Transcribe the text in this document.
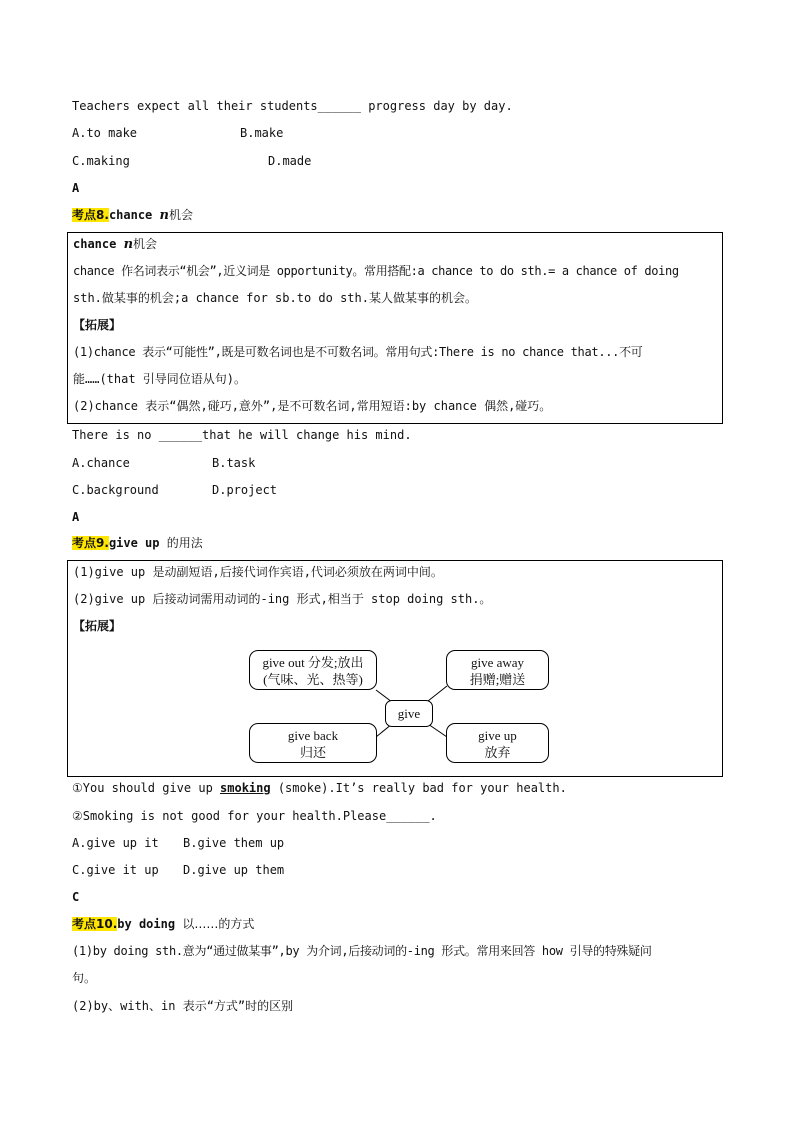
Teachers expect all their students______ progress day by day.
A.to make	B.make
C.making	D.made
A
考点8.chance n机会
chance n机会
chance 作名词表示“机会”,近义词是 opportunity。常用搭配:a chance to do sth.= a chance of doing
sth.做某事的机会;a chance for sb.to do sth.某人做某事的机会。
【拓展】
(1)chance 表示“可能性”,既是可数名词也是不可数名词。常用句式:There is no chance that...不可
能……(that 引导同位语从句)。
(2)chance 表示“偶然,碰巧,意外”,是不可数名词,常用短语:by chance 偶然,碰巧。
There is no ______that he will change his mind.
A.chance	B.task
C.background	D.project
A
考点9.give up 的用法
(1)give up 是动副短语,后接代词作宾语,代词必须放在两词中间。
(2)give up 后接动词需用动词的-ing 形式,相当于 stop doing sth.。
【拓展】
give out 分发;放出
(气味、光、热等)
give away
捐赠;赠送
give
give back
归还
give up
放弃
①You should give up smoking (smoke).It’s really bad for your health.
②Smoking is not good for your health.Please______.
A.give up it B.give them up
C.give it up D.give up them
C
考点10.by doing 以……的方式
(1)by doing sth.意为“通过做某事”,by 为介词,后接动词的-ing 形式。常用来回答 how 引导的特殊疑问
句。
(2)by、with、in 表示“方式”时的区别
